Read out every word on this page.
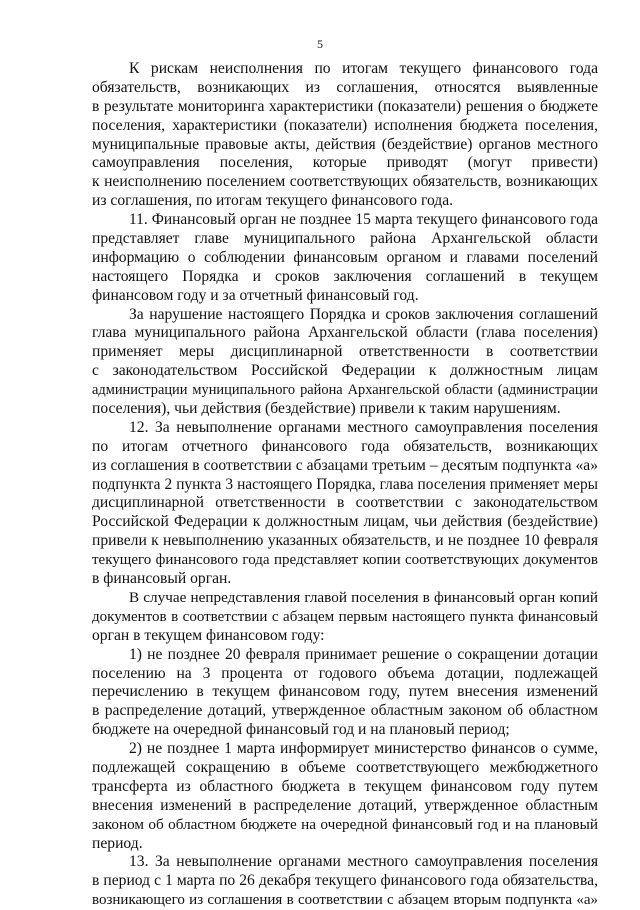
5
К рискам неисполнения по итогам текущего финансового года
обязательств, возникающих из соглашения, относятся выявленные
в результате мониторинга характеристики (показатели) решения о бюджете
поселения, характеристики (показатели) исполнения бюджета поселения,
муниципальные правовые акты, действия (бездействие) органов местного
самоуправления поселения, которые приводят (могут привести)
к неисполнению поселением соответствующих обязательств, возникающих
из соглашения, по итогам текущего финансового года.
11. Финансовый орган не позднее 15 марта текущего финансового года
представляет главе муниципального района Архангельской области
информацию о соблюдении финансовым органом и главами поселений
настоящего Порядка и сроков заключения соглашений в текущем
финансовом году и за отчетный финансовый год.
За нарушение настоящего Порядка и сроков заключения соглашений
глава муниципального района Архангельской области (глава поселения)
применяет меры дисциплинарной ответственности в соответствии
с законодательством Российской Федерации к должностным лицам
администрации муниципального района Архангельской области (администрации
поселения), чьи действия (бездействие) привели к таким нарушениям.
12. За невыполнение органами местного самоуправления поселения
по итогам отчетного финансового года обязательств, возникающих
из соглашения в соответствии с абзацами третьим – десятым подпункта «а»
подпункта 2 пункта 3 настоящего Порядка, глава поселения применяет меры
дисциплинарной ответственности в соответствии с законодательством
Российской Федерации к должностным лицам, чьи действия (бездействие)
привели к невыполнению указанных обязательств, и не позднее 10 февраля
текущего финансового года представляет копии соответствующих документов
в финансовый орган.
В случае непредставления главой поселения в финансовый орган копий
документов в соответствии с абзацем первым настоящего пункта финансовый
орган в текущем финансовом году:
1) не позднее 20 февраля принимает решение о сокращении дотации
поселению на 3 процента от годового объема дотации, подлежащей
перечислению в текущем финансовом году, путем внесения изменений
в распределение дотаций, утвержденное областным законом об областном
бюджете на очередной финансовый год и на плановый период;
2) не позднее 1 марта информирует министерство финансов о сумме,
подлежащей сокращению в объеме соответствующего межбюджетного
трансферта из областного бюджета в текущем финансовом году путем
внесения изменений в распределение дотаций, утвержденное областным
законом об областном бюджете на очередной финансовый год и на плановый
период.
13. За невыполнение органами местного самоуправления поселения
в период с 1 марта по 26 декабря текущего финансового года обязательства,
возникающего из соглашения в соответствии с абзацем вторым подпункта «а»
